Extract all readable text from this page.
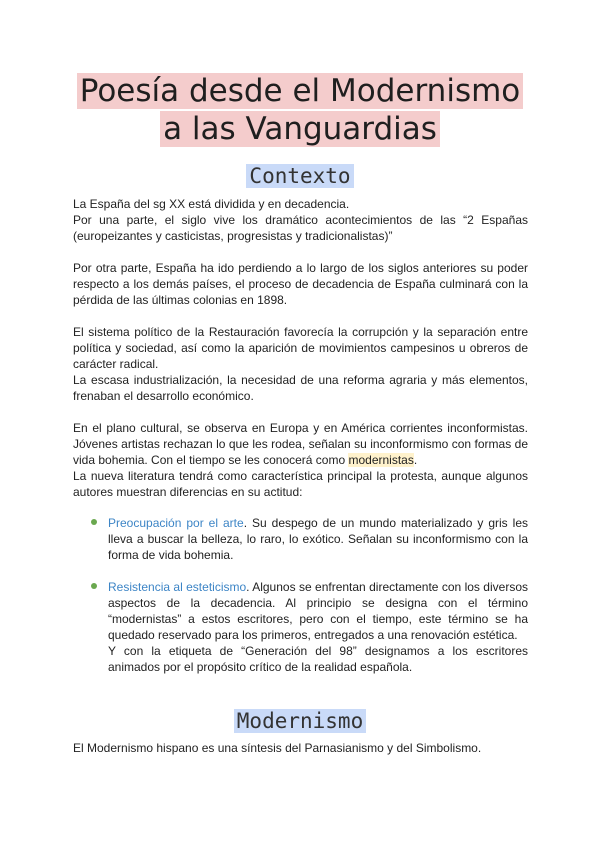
Poesía desde el Modernismo
a las Vanguardias
Contexto
La España del sg XX está dividida y en decadencia.
Por una parte, el siglo vive los dramático acontecimientos de las “2 Españas (europeizantes y casticistas, progresistas y tradicionalistas)”
Por otra parte, España ha ido perdiendo a lo largo de los siglos anteriores su poder respecto a los demás países, el proceso de decadencia de España culminará con la pérdida de las últimas colonias en 1898.
El sistema político de la Restauración favorecía la corrupción y la separación entre política y sociedad, así como la aparición de movimientos campesinos u obreros de carácter radical.
La escasa industrialización, la necesidad de una reforma agraria y más elementos, frenaban el desarrollo económico.
En el plano cultural, se observa en Europa y en América corrientes inconformistas. Jóvenes artistas rechazan lo que les rodea, señalan su inconformismo con formas de vida bohemia. Con el tiempo se les conocerá como modernistas.
La nueva literatura tendrá como característica principal la protesta, aunque algunos autores muestran diferencias en su actitud:
Preocupación por el arte. Su despego de un mundo materializado y gris les lleva a buscar la belleza, lo raro, lo exótico. Señalan su inconformismo con la forma de vida bohemia.
Resistencia al esteticismo. Algunos se enfrentan directamente con los diversos aspectos de la decadencia. Al principio se designa con el término “modernistas” a estos escritores, pero con el tiempo, este término se ha quedado reservado para los primeros, entregados a una renovación estética.
Y con la etiqueta de “Generación del 98” designamos a los escritores animados por el propósito crítico de la realidad española.
Modernismo
El Modernismo hispano es una síntesis del Parnasianismo y del Simbolismo.
